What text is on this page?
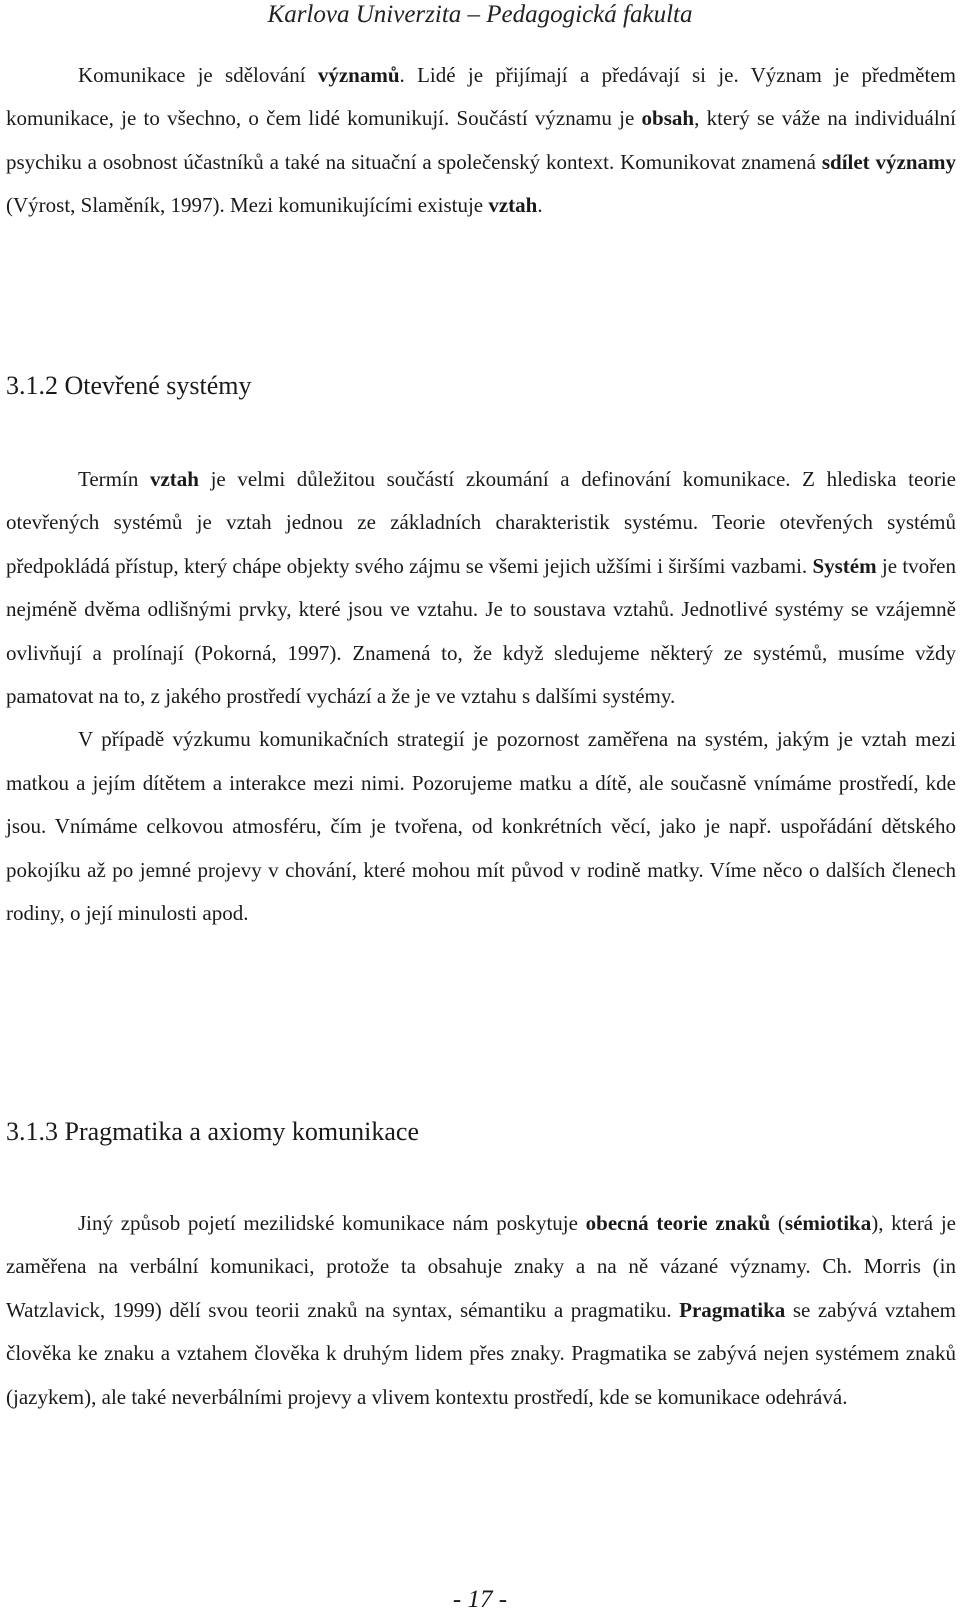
Karlova Univerzita – Pedagogická fakulta

Komunikace je sdělování významů. Lidé je přijímají a předávají si je. Význam je předmětem komunikace, je to všechno, o čem lidé komunikují. Součástí významu je obsah, který se váže na individuální psychiku a osobnost účastníků a také na situační a společenský kontext. Komunikovat znamená sdílet významy (Výrost, Slaměník, 1997). Mezi komunikujícími existuje vztah.

3.1.2 Otevřené systémy

Termín vztah je velmi důležitou součástí zkoumání a definování komunikace. Z hlediska teorie otevřených systémů je vztah jednou ze základních charakteristik systému. Teorie otevřených systémů předpokládá přístup, který chápe objekty svého zájmu se všemi jejich užšími i širšími vazbami. Systém je tvořen nejméně dvěma odlišnými prvky, které jsou ve vztahu. Je to soustava vztahů. Jednotlivé systémy se vzájemně ovlivňují a prolínají (Pokorná, 1997). Znamená to, že když sledujeme některý ze systémů, musíme vždy pamatovat na to, z jakého prostředí vychází a že je ve vztahu s dalšími systémy.

V případě výzkumu komunikačních strategií je pozornost zaměřena na systém, jakým je vztah mezi matkou a jejím dítětem a interakce mezi nimi. Pozorujeme matku a dítě, ale současně vnímáme prostředí, kde jsou. Vnímáme celkovou atmosféru, čím je tvořena, od konkrétních věcí, jako je např. uspořádání dětského pokojíku až po jemné projevy v chování, které mohou mít původ v rodině matky. Víme něco o dalších členech rodiny, o její minulosti apod.

3.1.3 Pragmatika a axiomy komunikace

Jiný způsob pojetí mezilidské komunikace nám poskytuje obecná teorie znaků (sémiotika), která je zaměřena na verbální komunikaci, protože ta obsahuje znaky a na ně vázané významy. Ch. Morris (in Watzlavick, 1999) dělí svou teorii znaků na syntax, sémantiku a pragmatiku. Pragmatika se zabývá vztahem člověka ke znaku a vztahem člověka k druhým lidem přes znaky. Pragmatika se zabývá nejen systémem znaků (jazykem), ale také neverbálními projevy a vlivem kontextu prostředí, kde se komunikace odehrává.

- 17 -
